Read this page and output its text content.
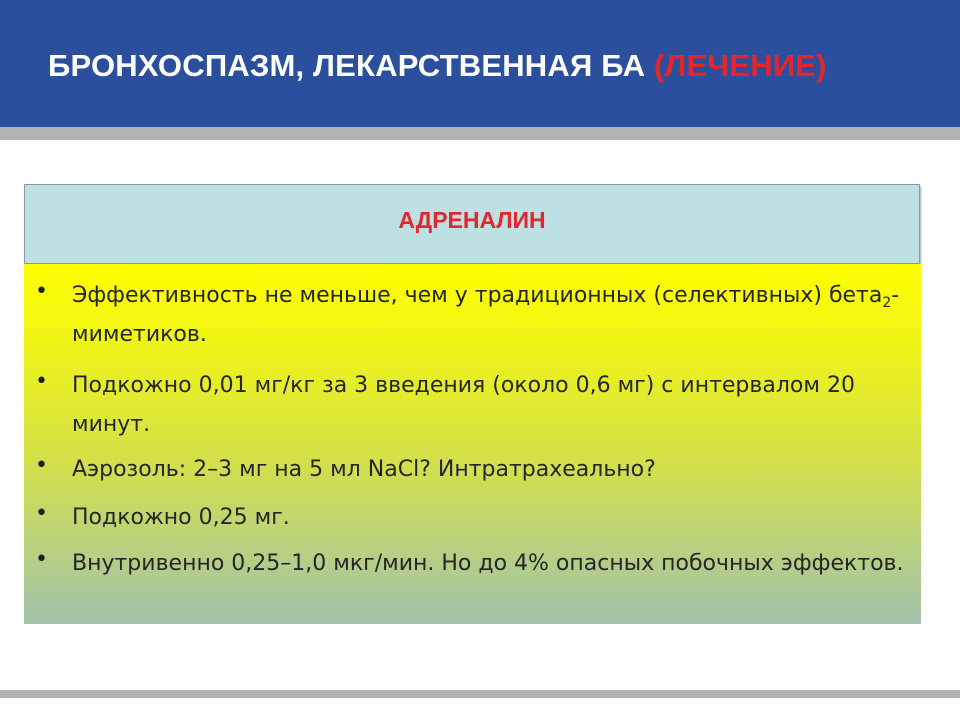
БРОНХОСПАЗМ, ЛЕКАРСТВЕННАЯ БА (ЛЕЧЕНИЕ)
АДРЕНАЛИН
• Эффективность не меньше, чем у традиционных (селективных) бета$_2$-миметиков.
• Подкожно 0,01 мг/кг за 3 введения (около 0,6 мг) с интервалом 20 минут.
• Аэрозоль: 2–3 мг на 5 мл NaCl? Интратрахеально?
• Подкожно 0,25 мг.
• Внутривенно 0,25–1,0 мкг/мин. Но до 4% опасных побочных эффектов.
